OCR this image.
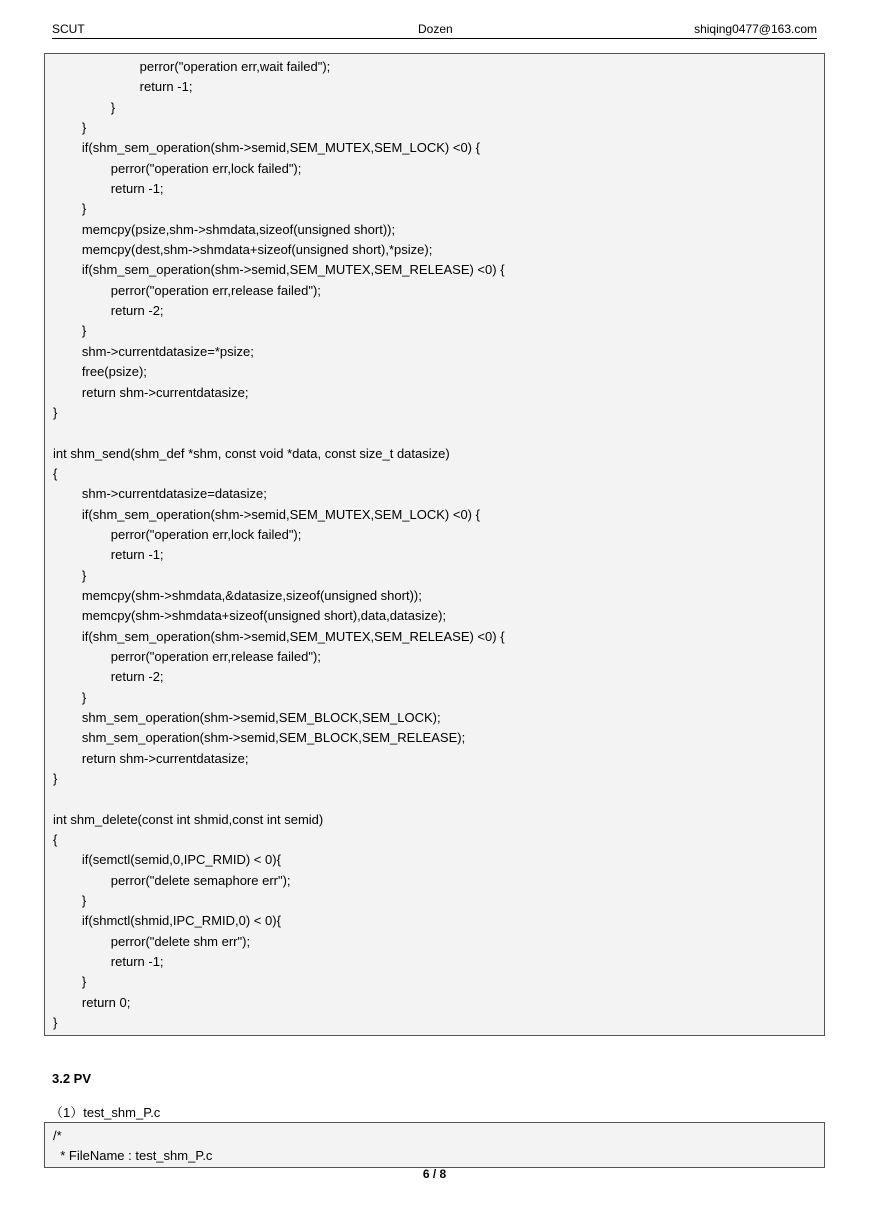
SCUT	Dozen	shiqing0477@163.com
perror("operation err,wait failed");
return -1;
}
}
if(shm_sem_operation(shm->semid,SEM_MUTEX,SEM_LOCK) <0) {
perror("operation err,lock failed");
return -1;
}
memcpy(psize,shm->shmdata,sizeof(unsigned short));
memcpy(dest,shm->shmdata+sizeof(unsigned short),*psize);
if(shm_sem_operation(shm->semid,SEM_MUTEX,SEM_RELEASE) <0) {
perror("operation err,release failed");
return -2;
}
shm->currentdatasize=*psize;
free(psize);
return shm->currentdatasize;
}
int shm_send(shm_def *shm, const void *data, const size_t datasize)
{
shm->currentdatasize=datasize;
if(shm_sem_operation(shm->semid,SEM_MUTEX,SEM_LOCK) <0) {
perror("operation err,lock failed");
return -1;
}
memcpy(shm->shmdata,&datasize,sizeof(unsigned short));
memcpy(shm->shmdata+sizeof(unsigned short),data,datasize);
if(shm_sem_operation(shm->semid,SEM_MUTEX,SEM_RELEASE) <0) {
perror("operation err,release failed");
return -2;
}
shm_sem_operation(shm->semid,SEM_BLOCK,SEM_LOCK);
shm_sem_operation(shm->semid,SEM_BLOCK,SEM_RELEASE);
return shm->currentdatasize;
}
int shm_delete(const int shmid,const int semid)
{
if(semctl(semid,0,IPC_RMID) < 0){
perror("delete semaphore err");
}
if(shmctl(shmid,IPC_RMID,0) < 0){
perror("delete shm err");
return -1;
}
return 0;
}
3.2 PV
（1）test_shm_P.c
/*
* FileName : test_shm_P.c
6 / 8
